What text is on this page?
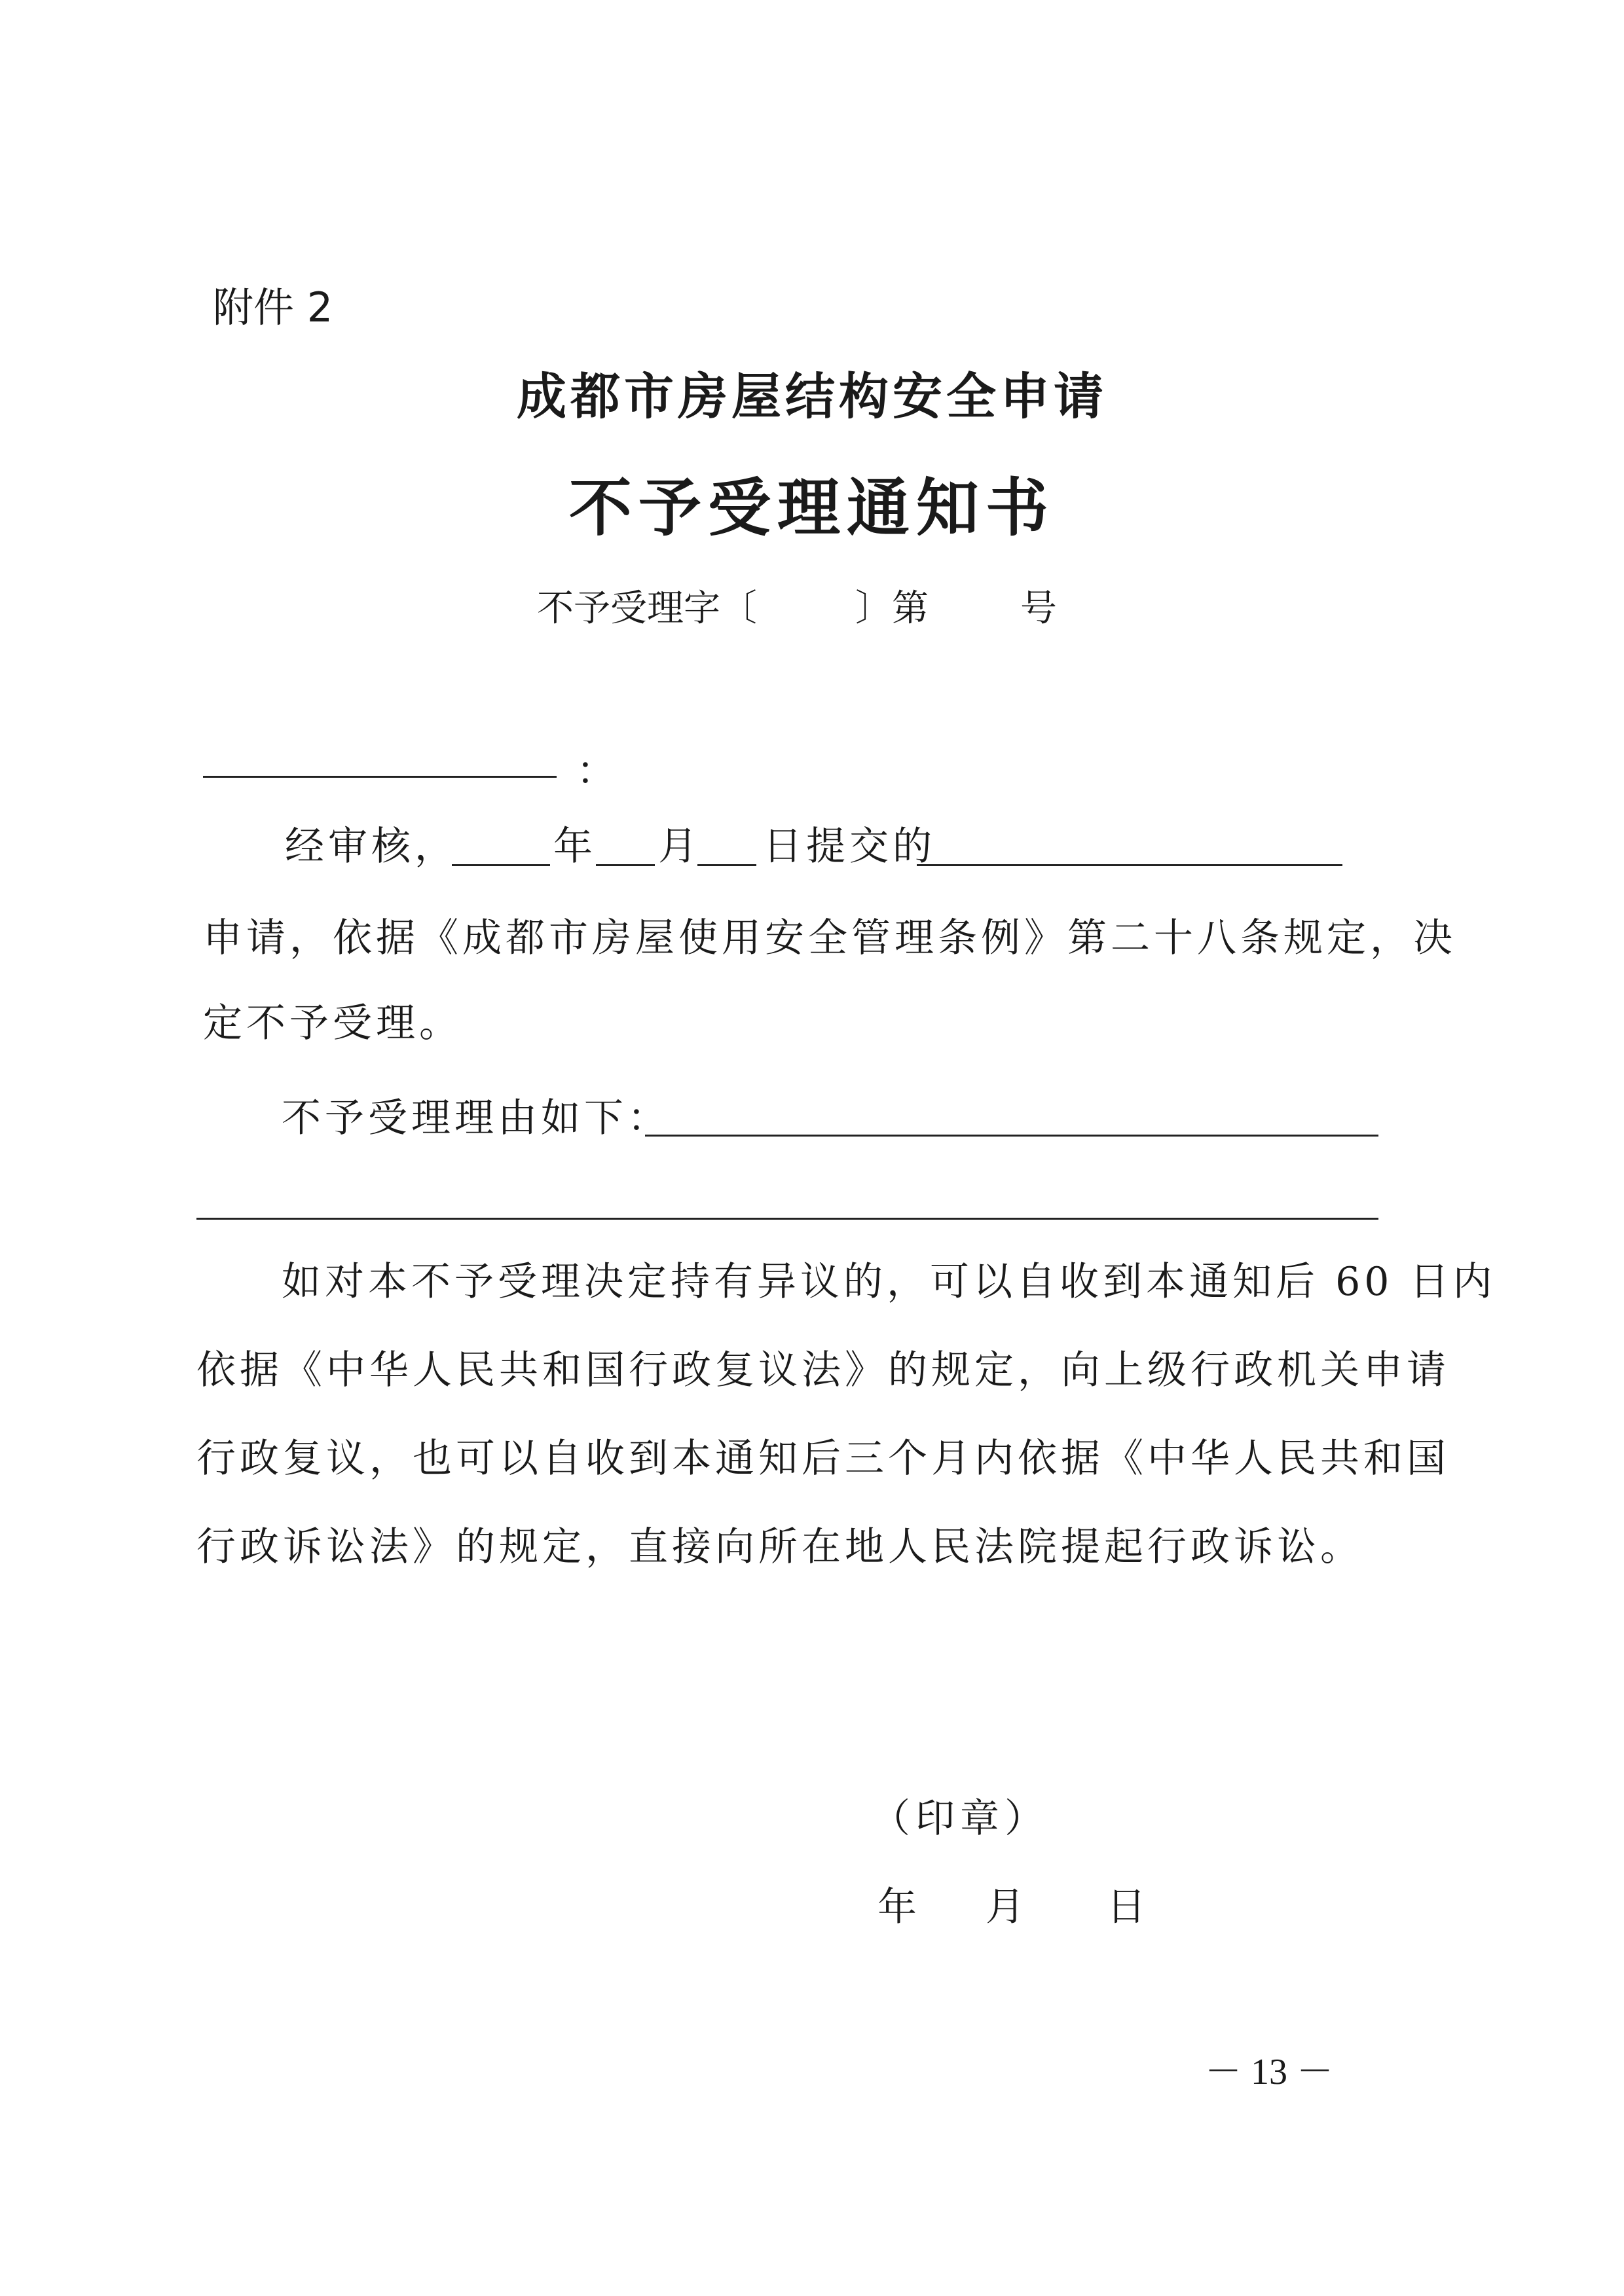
附件 2
成都市房屋结构安全申请
不予受理通知书
不予受理字〔	〕第	号
：
经审核， 年 月 日提交的
申请，依据《成都市房屋使用安全管理条例》第二十八条规定，决
定不予受理。
不予受理理由如下：
如对本不予受理决定持有异议的，可以自收到本通知后 60 日内
依据《中华人民共和国行政复议法》的规定，向上级行政机关申请
行政复议，也可以自收到本通知后三个月内依据《中华人民共和国
行政诉讼法》的规定，直接向所在地人民法院提起行政诉讼。
（印章）
年 月 日
－ 13 －
